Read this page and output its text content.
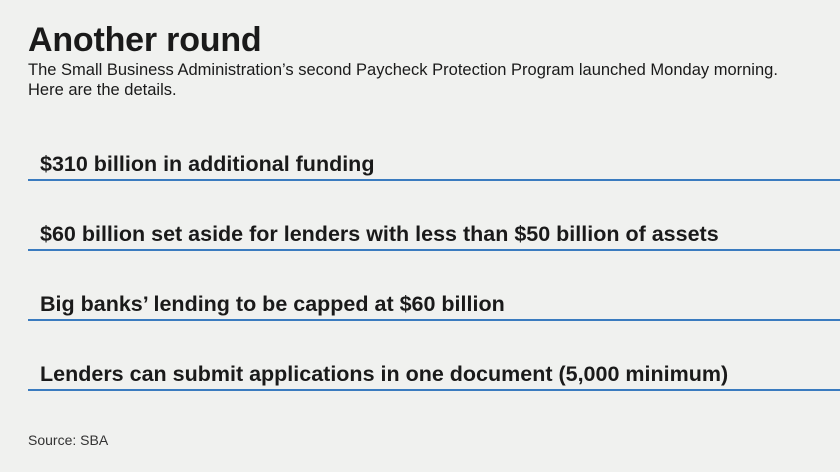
Another round

The Small Business Administration’s second Paycheck Protection Program launched Monday morning. Here are the details.

$310 billion in additional funding
$60 billion set aside for lenders with less than $50 billion of assets
Big banks’ lending to be capped at $60 billion
Lenders can submit applications in one document (5,000 minimum)

Source: SBA
